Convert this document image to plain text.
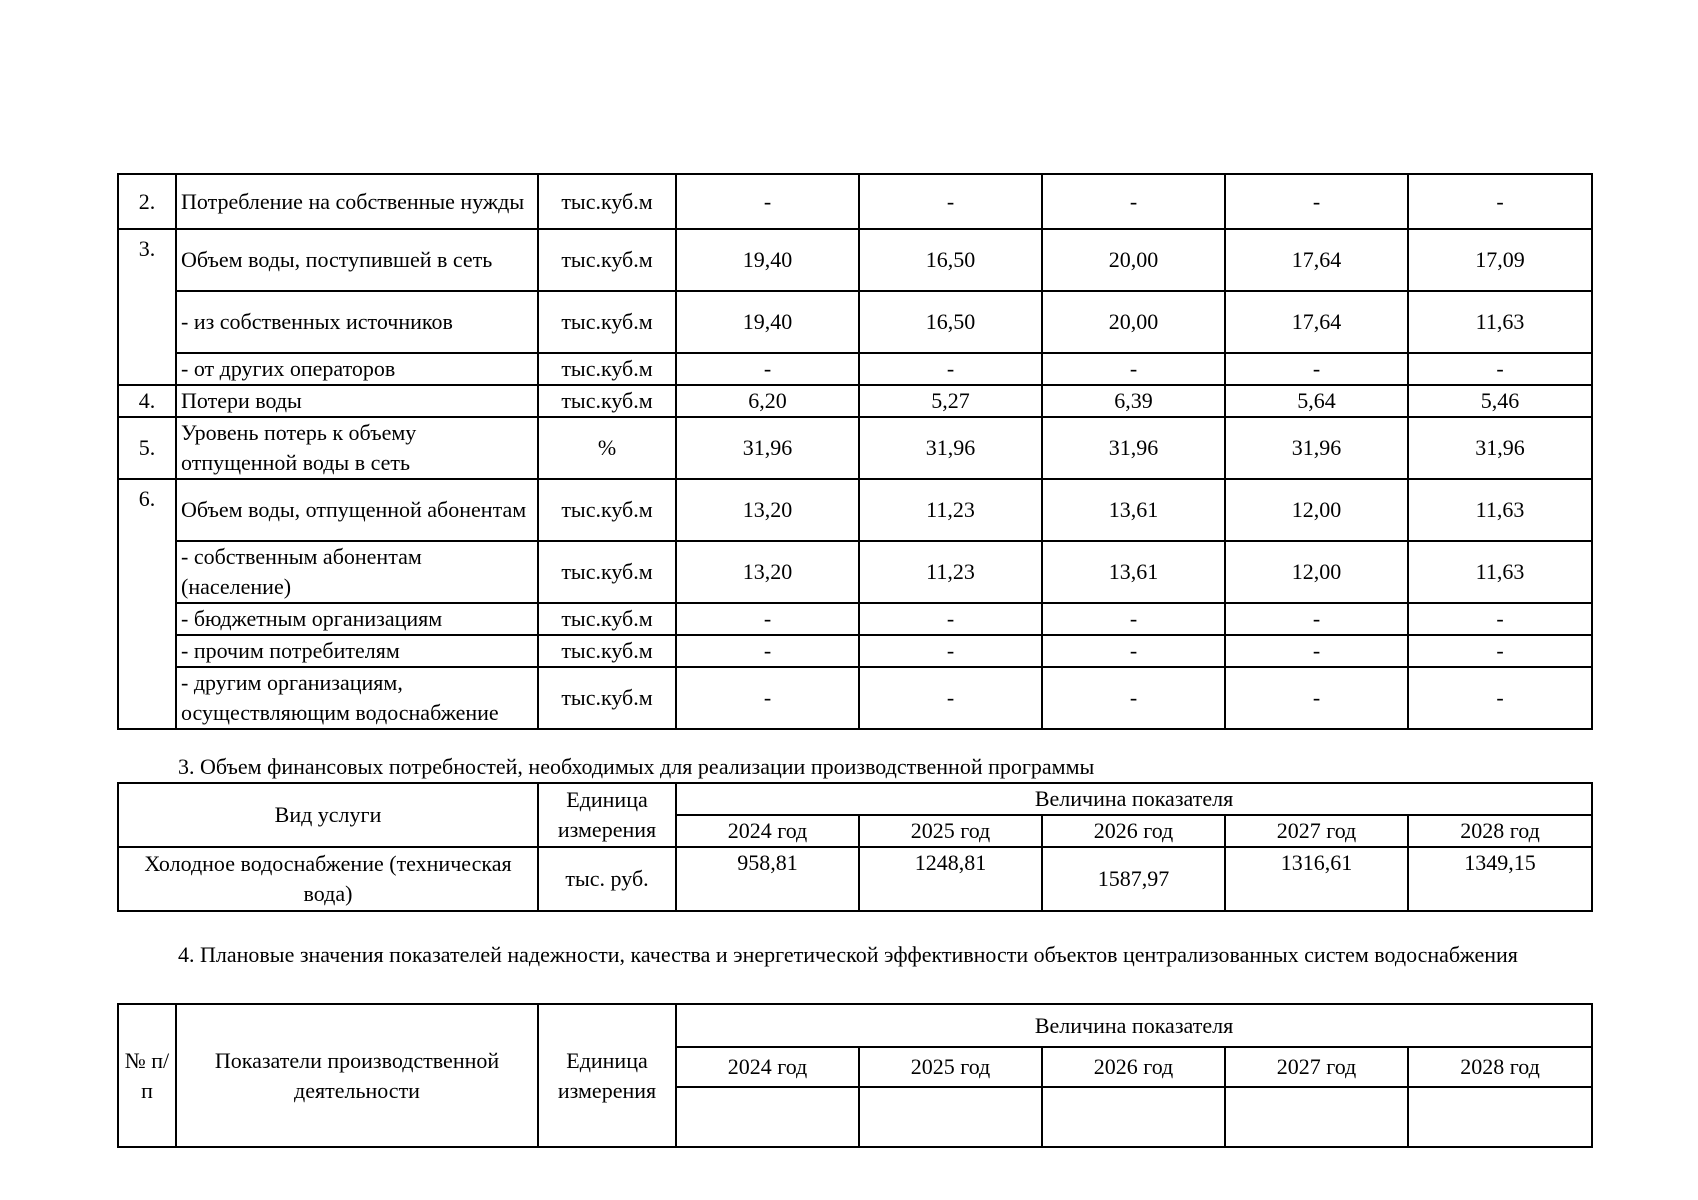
2.	Потребление на собственные нужды	тыс.куб.м	-	-	-	-	-
3.	Объем воды, поступившей в сеть	тыс.куб.м	19,40	16,50	20,00	17,64	17,09
	- из собственных источников	тыс.куб.м	19,40	16,50	20,00	17,64	11,63
	- от других операторов	тыс.куб.м	-	-	-	-	-
4.	Потери воды	тыс.куб.м	6,20	5,27	6,39	5,64	5,46
5.	Уровень потерь к объему отпущенной воды в сеть	%	31,96	31,96	31,96	31,96	31,96
6.	Объем воды, отпущенной абонентам	тыс.куб.м	13,20	11,23	13,61	12,00	11,63
	- собственным абонентам (население)	тыс.куб.м	13,20	11,23	13,61	12,00	11,63
	- бюджетным организациям	тыс.куб.м	-	-	-	-	-
	- прочим потребителям	тыс.куб.м	-	-	-	-	-
	- другим организациям, осуществляющим водоснабжение	тыс.куб.м	-	-	-	-	-

3. Объем финансовых потребностей, необходимых для реализации производственной программы

Вид услуги	Единица измерения	Величина показателя				
		2024 год	2025 год	2026 год	2027 год	2028 год
Холодное водоснабжение (техническая вода)	тыс. руб.	958,81	1248,81	1587,97	1316,61	1349,15

4. Плановые значения показателей надежности, качества и энергетической эффективности объектов централизованных систем водоснабжения

№ п/п	Показатели производственной деятельности	Единица измерения	Величина показателя				
			2024 год	2025 год	2026 год	2027 год	2028 год
